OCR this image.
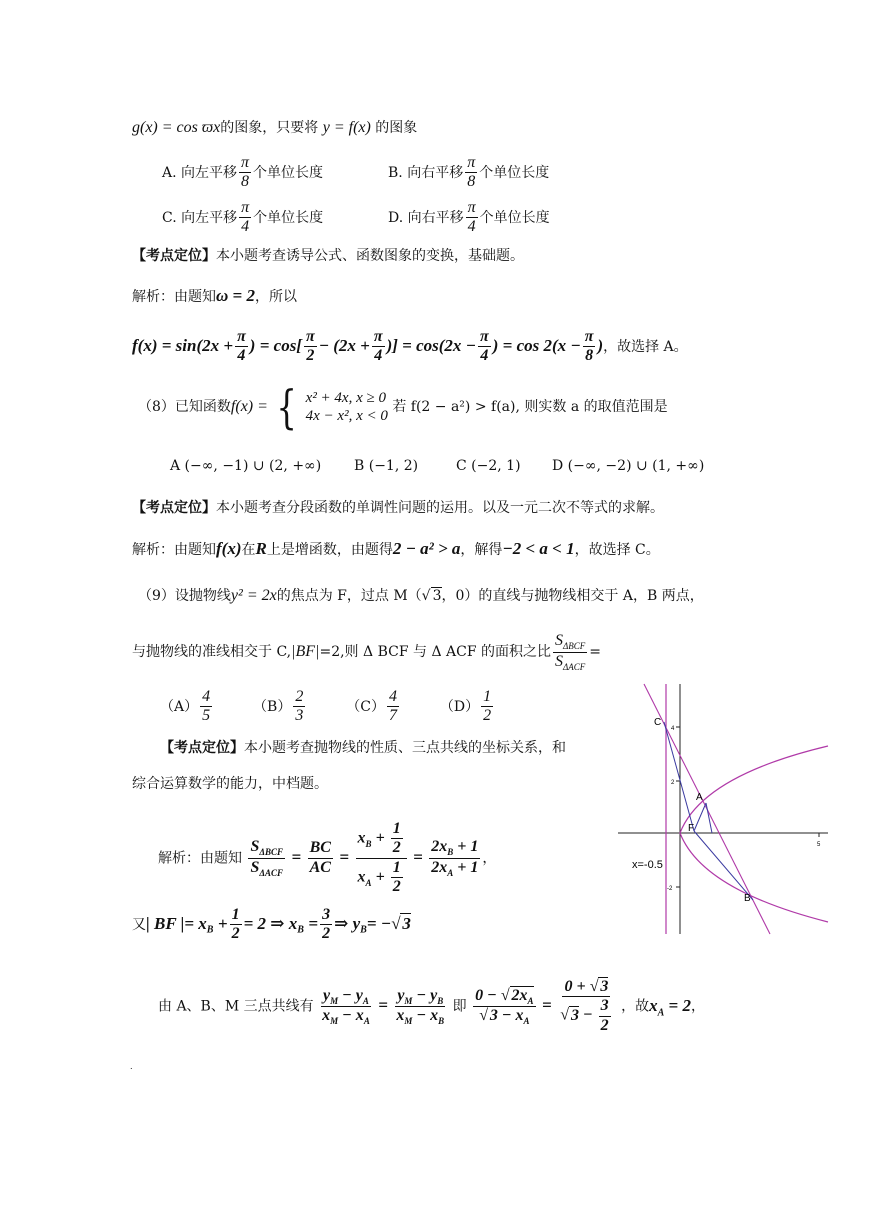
g(x) = cos ϖx的图象，只要将 y = f(x) 的图象
A. 向左平移 $\frac{\pi}{8}$ 个单位长度	B. 向右平移 $\frac{\pi}{8}$ 个单位长度
C. 向左平移 $\frac{\pi}{4}$ 个单位长度	D. 向右平移 $\frac{\pi}{4}$ 个单位长度
【考点定位】本小题考查诱导公式、函数图象的变换，基础题。
解析：由题知ω = 2，所以
$f(x) = \sin(2x + \frac{\pi}{4}$ ) = $\cos[ \frac{\pi}{2} - (2x + \frac{\pi}{4}$ )] = $\cos(2x - \frac{\pi}{4}$ ) = $\cos 2(x - \frac{\pi}{8}$ )，故选择 A。
（8）已知函数f(x) = { x² + 4x, x ≥ 0
4x − x², x < 0
若 f(2 − a²) > f(a), 则实数 a 的取值范围是
A (−∞, −1) ∪ (2, +∞) B (−1, 2)	C (−2, 1) D (−∞, −2) ∪ (1, +∞)
【考点定位】本小题考查分段函数的单调性问题的运用。以及一元二次不等式的求解。
解析：由题知f(x)在R上是增函数，由题得2 − a² > a，解得−2 < a < 1，故选择 C。
（9）设抛物线y² = 2x的焦点为 F，过点 M（√ 3，0）的直线与抛物线相交于 A，B 两点，
与抛物线的准线相交于 C,|BF|=2,则 Δ BCF 与 Δ ACF 的面积之比 $\frac{S_{\Delta BCF}}{S_{\Delta ACF}}$ =
$(A) \frac{4}{5}$	$(B) \frac{2}{3}$	$(C) \frac{4}{7}$	$(D) \frac{1}{2}$
【考点定位】本小题考查抛物线的性质、三点共线的坐标关系，和
综合运算数学的能力，中档题。
解析：由题知 $\frac{S_{\Delta BCF}}{S_{\Delta ACF}} = \frac{BC}{AC} = \frac{x_B + \frac{1}{2}}{x_A + \frac{1}{2}} = \frac{2x_B + 1}{2x_A + 1}$ ，
又| BF |= $x_B + \frac{1}{2} = 2$ ⇒ $x_B = \frac{3}{2}$ ⇒ $y_B=$ −√ 3
由 A、B、M 三点共线有 $\frac{y_M - y_A}{x_M - x_A} = \frac{y_M - y_B}{x_M - x_B}$ 即 $\frac{0 - √ 2x_A}{√ 3 - x_A} = \frac{0 + √ 3}{√ 3 - \frac{3}{2}}$ ，故$x_A = 2$，
.
4
2
-2
5
x=-0.5
C
A
B
F
